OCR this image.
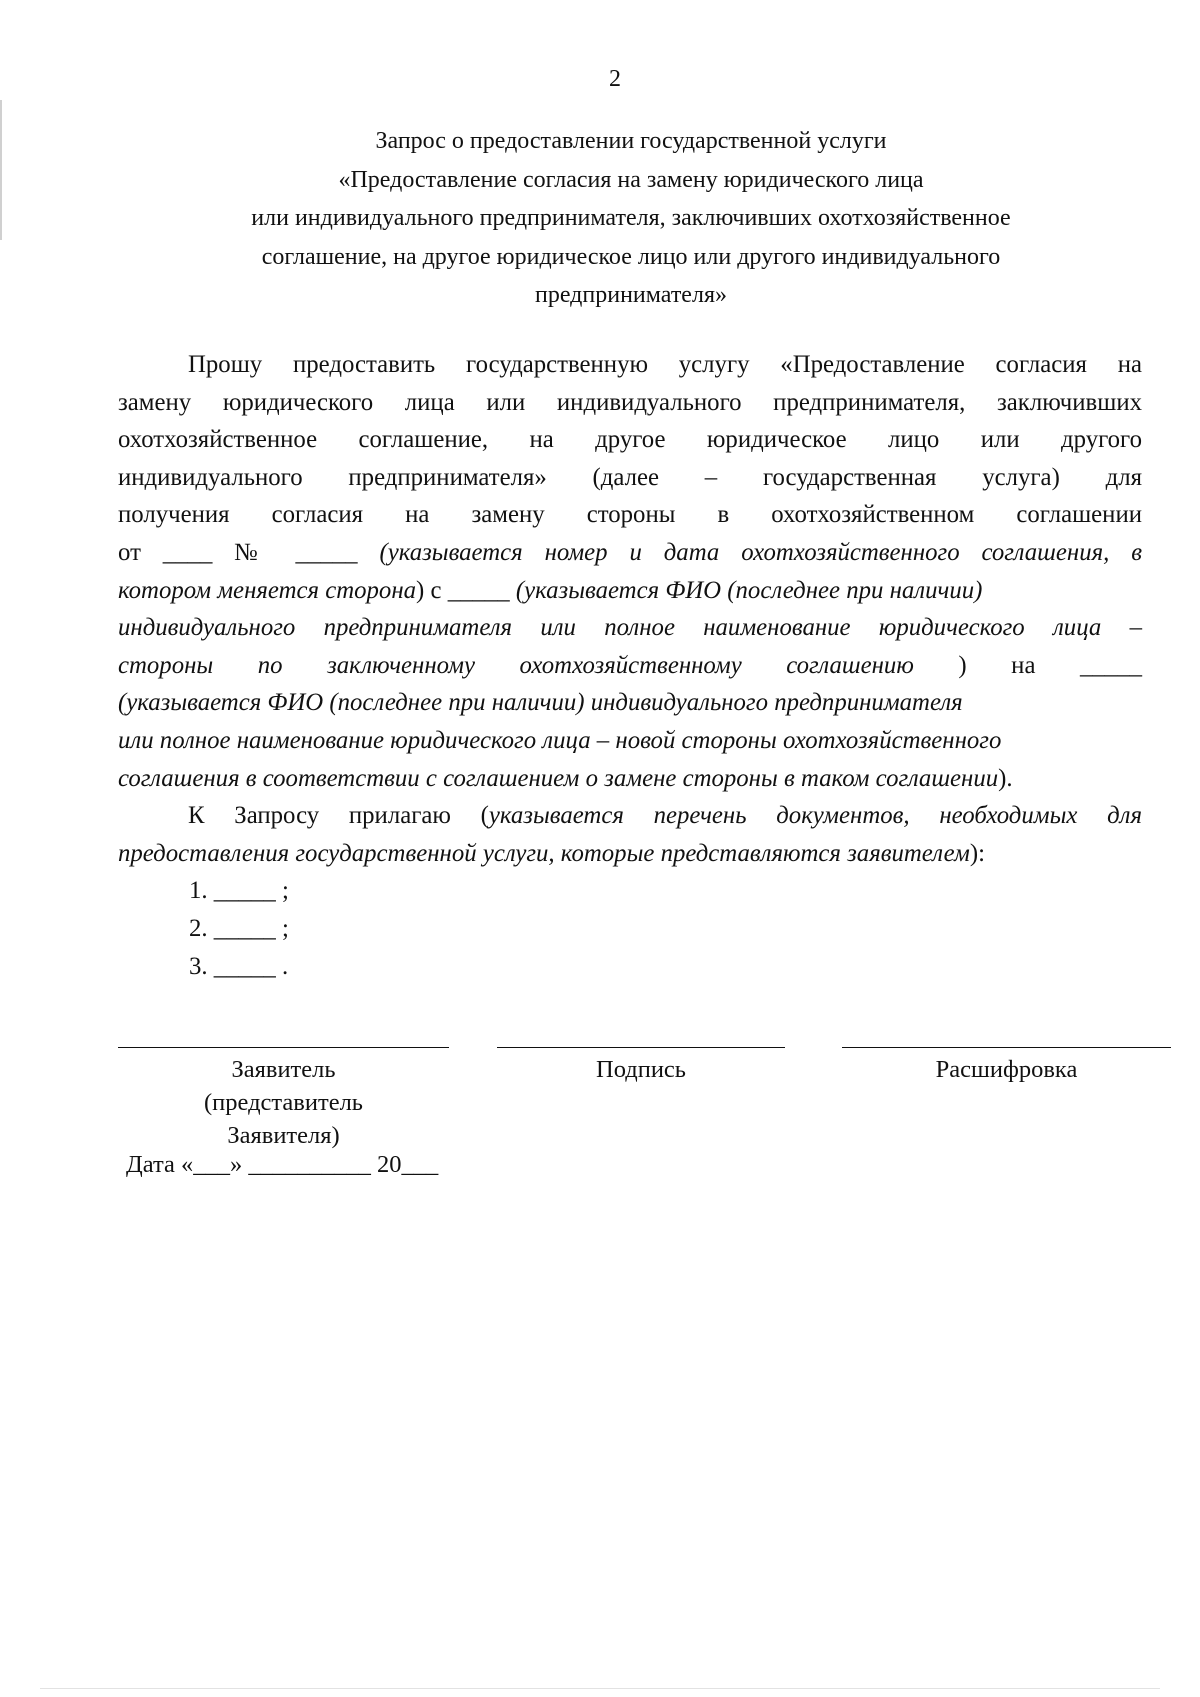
2
Запрос о предоставлении государственной услуги
«Предоставление согласия на замену юридического лица
или индивидуального предпринимателя, заключивших охотхозяйственное
соглашение, на другое юридическое лицо или другого индивидуального
предпринимателя»
Прошу предоставить государственную услугу «Предоставление согласия на
замену юридического лица или индивидуального предпринимателя, заключивших
охотхозяйственное соглашение, на другое юридическое лицо или другого
индивидуального предпринимателя» (далее – государственная услуга) для
получения согласия на замену стороны в охотхозяйственном соглашении
от ____ № _____ (указывается номер и дата охотхозяйственного соглашения, в
котором меняется сторона) с _____ (указывается ФИО (последнее при наличии)
индивидуального предпринимателя или полное наименование юридического лица –
стороны по заключенному охотхозяйственному соглашению ) на _____
(указывается ФИО (последнее при наличии) индивидуального предпринимателя
или полное наименование юридического лица – новой стороны охотхозяйственного
соглашения в соответствии с соглашением о замене стороны в таком соглашении).
К Запросу прилагаю (указывается перечень документов, необходимых для
предоставления государственной услуги, которые представляются заявителем):
1. _____ ;
2. _____ ;
3. _____ .
Заявитель
(представитель
Заявителя)
Подпись	Расшифровка
Дата «___» __________ 20___
